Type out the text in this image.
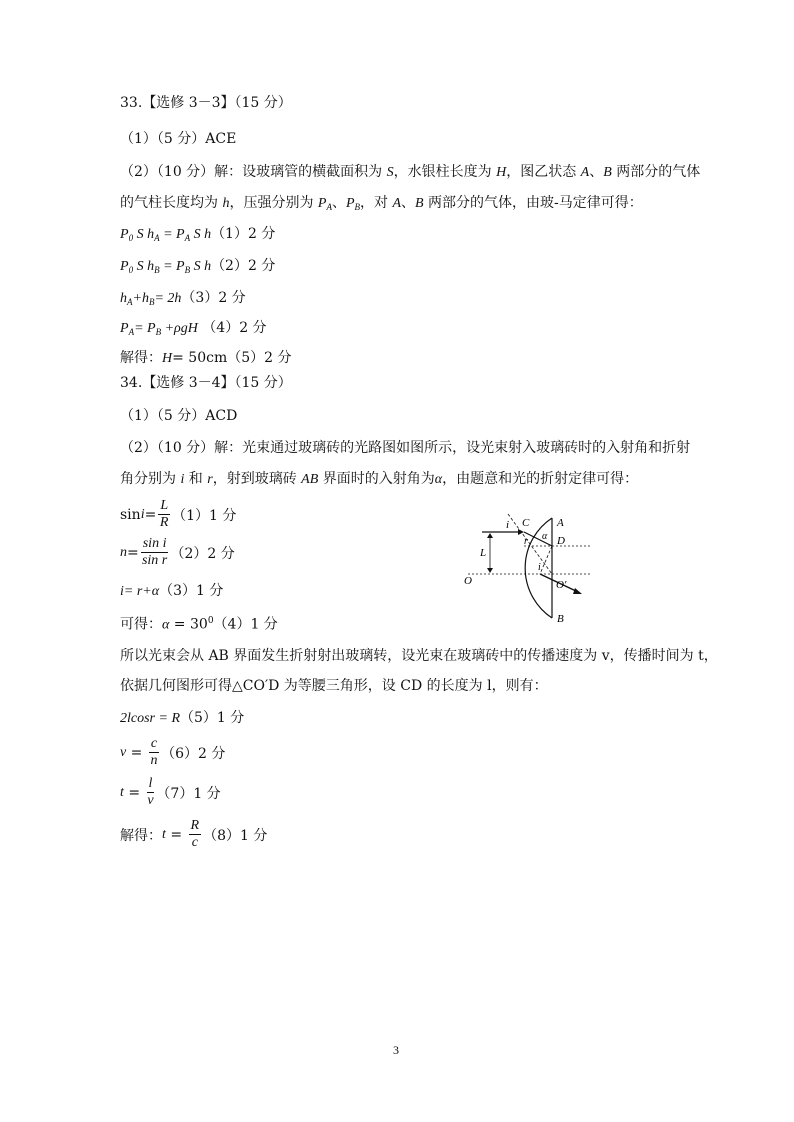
33.【选修 3－3】（15 分）
（1）（5 分）ACE
（2）（10 分）解：设玻璃管的横截面积为 S，水银柱长度为 H，图乙状态 A、B 两部分的气体
的气柱长度均为 h，压强分别为 $P_A$、$P_B$，对 A、B 两部分的气体，由玻-马定律可得：
$P_0$ S $h_A = P_A$ S h（1）2 分
$P_0$ S $h_B = P_B$ S h（2）2 分
$h_A+h_B= 2h(3)2$ 分
$P_A= P_B +\rho gH$ （4）2 分
解得：H= 50cm（5）2 分
34.【选修 3－4】（15 分）
（1）（5 分）ACD
（2）（10 分）解：光束通过玻璃砖的光路图如图所示，设光束射入玻璃砖时的入射角和折射
角分别为 i 和 r，射到玻璃砖 AB 界面时的入射角为α，由题意和光的折射定律可得：
$\sin i = \frac{L}{R} (1)1$ 分
$n = \frac{\text{sin i}}{\text{sin r}} (2)2$ 分
i= r+α（3）1 分
可得：$\alpha = 30^0(4)1$ 分
所以光束会从 AB 界面发生折射射出玻璃转，设光束在玻璃砖中的传播速度为 v，传播时间为 t，
依据几何图形可得△CO′D 为等腰三角形，设 CD 的长度为 l，则有：
2lcosr = R（5）1 分
$v = \frac{c}{n} (6)2$ 分
$t = \frac{l}{v} (7)1$ 分
解得： $t = \frac{R}{c} (8)1$ 分
i C	A
α D
r
L
i
O	O′
B
3
